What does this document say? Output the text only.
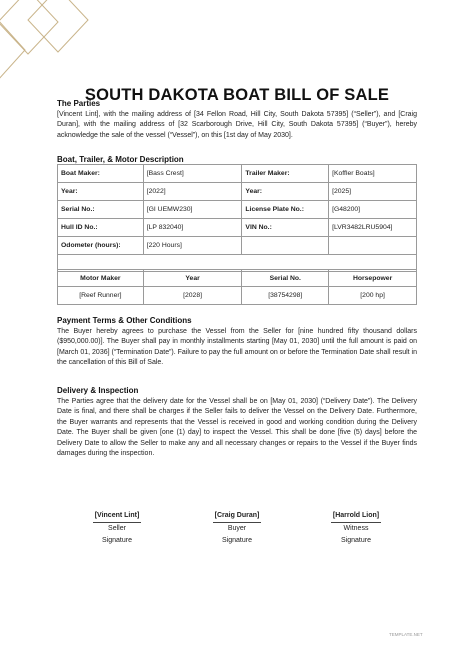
SOUTH DAKOTA BOAT BILL OF SALE
The Parties
[Vincent Lint], with the mailing address of [34 Fellon Road, Hill City, South Dakota 57395] (“Seller”), and [Craig Duran], with the mailing address of [32 Scarborough Drive, Hill City, South Dakota 57395] (“Buyer”), hereby acknowledge the sale of the vessel (“Vessel”), on this [1st day of May 2030].
Boat, Trailer, & Motor Description
Boat Maker:	[Bass Crest]	Trailer Maker:	[Koffler Boats]
Year:	[2022]	Year:	[2025]
Serial No.:	[GI UEMW230]	License Plate No.:	[G48200]
Hull ID No.:	[LP 832040]	VIN No.:	[LVR3482LRU5904]
Odometer (hours):	[220 Hours]		

Motor Maker	Year	Serial No.	Horsepower
[Reef Runner]	[2028]	[38754298]	[200 hp]
Payment Terms & Other Conditions
The Buyer hereby agrees to purchase the Vessel from the Seller for [nine hundred fifty thousand dollars ($950,000.00)]. The Buyer shall pay in monthly installments starting [May 01, 2030] until the full amount is paid on [March 01, 2036] (“Termination Date”). Failure to pay the full amount on or before the Termination Date shall result in the cancellation of this Bill of Sale.
Delivery & Inspection
The Parties agree that the delivery date for the Vessel shall be on [May 01, 2030] (“Delivery Date”). The Delivery Date is final, and there shall be charges if the Seller fails to deliver the Vessel on the Delivery Date. Furthermore, the Buyer warrants and represents that the Vessel is received in good and working condition during the Delivery Date. The Buyer shall be given [one (1) day] to inspect the Vessel. This shall be done [five (5) days] before the Delivery Date to allow the Seller to make any and all necessary changes or repairs to the Vessel if the Buyer finds damages during the inspection.
[Vincent Lint]
Seller
Signature
[Craig Duran]
Buyer
Signature
[Harrold Lion]
Witness
Signature
TEMPLATE.NET
